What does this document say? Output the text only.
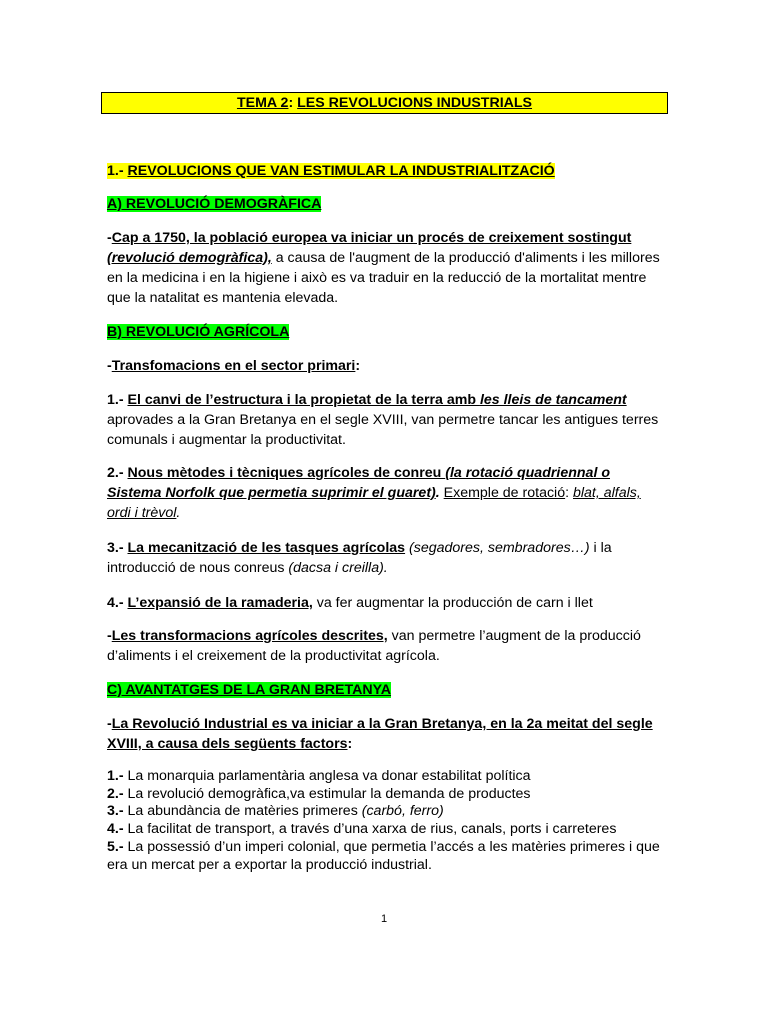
TEMA 2: LES REVOLUCIONS INDUSTRIALS
1.- REVOLUCIONS QUE VAN ESTIMULAR LA INDUSTRIALITZACIÓ
A) REVOLUCIÓ DEMOGRÀFICA
-Cap a 1750, la població europea va iniciar un procés de creixement sostingut (revolució demogràfica), a causa de l'augment de la producció d'aliments i les millores en la medicina i en la higiene i això es va traduir en la reducció de la mortalitat mentre que la natalitat es mantenia elevada.
B) REVOLUCIÓ AGRÍCOLA
-Transfomacions en el sector primari:
1.- El canvi de l’estructura i la propietat de la terra amb les lleis de tancament aprovades a la Gran Bretanya en el segle XVIII, van permetre tancar les antigues terres comunals i augmentar la productivitat.
2.- Nous mètodes i tècniques agrícoles de conreu (la rotació quadriennal o Sistema Norfolk que permetia suprimir el guaret). Exemple de rotació: blat, alfals, ordi i trèvol.
3.- La mecanització de les tasques agrícolas (segadores, sembradores…) i la introducció de nous conreus (dacsa i creilla).
4.- L’expansió de la ramaderia, va fer augmentar la producción de carn i llet
-Les transformacions agrícoles descrites, van permetre l’augment de la producció d’aliments i el creixement de la productivitat agrícola.
C) AVANTATGES DE LA GRAN BRETANYA
-La Revolució Industrial es va iniciar a la Gran Bretanya, en la 2a meitat del segle XVIII, a causa dels següents factors:
1.- La monarquia parlamentària anglesa va donar estabilitat política
2.- La revolució demogràfica,va estimular la demanda de productes
3.- La abundància de matèries primeres (carbó, ferro)
4.- La facilitat de transport, a través d’una xarxa de rius, canals, ports i carreteres
5.- La possessió d’un imperi colonial, que permetia l’accés a les matèries primeres i que era un mercat per a exportar la producció industrial.
1
